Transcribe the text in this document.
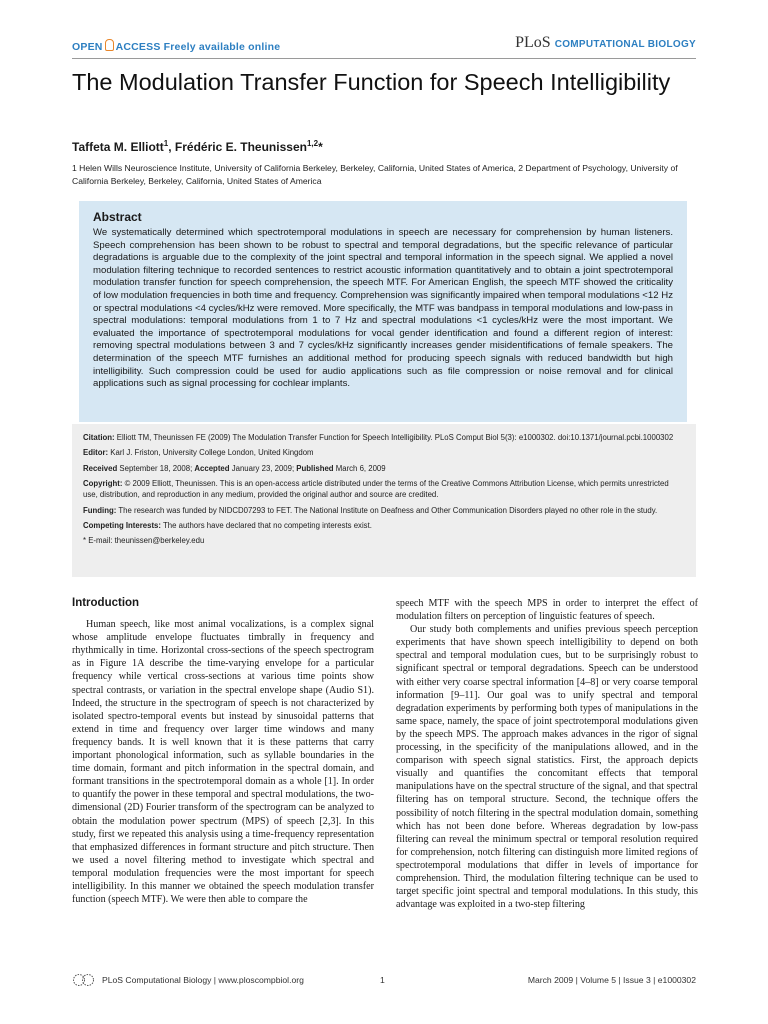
OPEN ACCESS Freely available online	PLoS COMPUTATIONAL BIOLOGY
The Modulation Transfer Function for Speech Intelligibility
Taffeta M. Elliott$^1$, Frédéric E. Theunissen$^{1,2}$*
1 Helen Wills Neuroscience Institute, University of California Berkeley, Berkeley, California, United States of America, 2 Department of Psychology, University of California Berkeley, Berkeley, California, United States of America
Abstract
We systematically determined which spectrotemporal modulations in speech are necessary for comprehension by human listeners. Speech comprehension has been shown to be robust to spectral and temporal degradations, but the specific relevance of particular degradations is arguable due to the complexity of the joint spectral and temporal information in the speech signal. We applied a novel modulation filtering technique to recorded sentences to restrict acoustic information quantitatively and to obtain a joint spectrotemporal modulation transfer function for speech comprehension, the speech MTF. For American English, the speech MTF showed the criticality of low modulation frequencies in both time and frequency. Comprehension was significantly impaired when temporal modulations <12 Hz or spectral modulations <4 cycles/kHz were removed. More specifically, the MTF was bandpass in temporal modulations and low-pass in spectral modulations: temporal modulations from 1 to 7 Hz and spectral modulations <1 cycles/kHz were the most important. We evaluated the importance of spectrotemporal modulations for vocal gender identification and found a different region of interest: removing spectral modulations between 3 and 7 cycles/kHz significantly increases gender misidentifications of female speakers. The determination of the speech MTF furnishes an additional method for producing speech signals with reduced bandwidth but high intelligibility. Such compression could be used for audio applications such as file compression or noise removal and for clinical applications such as signal processing for cochlear implants.

Citation: Elliott TM, Theunissen FE (2009) The Modulation Transfer Function for Speech Intelligibility. PLoS Comput Biol 5(3): e1000302. doi:10.1371/journal.pcbi.1000302

Editor: Karl J. Friston, University College London, United Kingdom

Received September 18, 2008; Accepted January 23, 2009; Published March 6, 2009

Copyright: © 2009 Elliott, Theunissen. This is an open-access article distributed under the terms of the Creative Commons Attribution License, which permits unrestricted use, distribution, and reproduction in any medium, provided the original author and source are credited.

Funding: The research was funded by NIDCD07293 to FET. The National Institute on Deafness and Other Communication Disorders played no other role in the study.

Competing Interests: The authors have declared that no competing interests exist.

* E-mail: theunissen@berkeley.edu

Introduction

Human speech, like most animal vocalizations, is a complex signal whose amplitude envelope fluctuates timbrally in frequency and rhythmically in time. Horizontal cross-sections of the speech spectrogram as in Figure 1A describe the time-varying envelope for a particular frequency while vertical cross-sections at various time points show spectral contrasts, or variation in the spectral envelope shape (Audio S1). Indeed, the structure in the spectrogram of speech is not characterized by isolated spectro-temporal events but instead by sinusoidal patterns that extend in time and frequency over larger time windows and many frequency bands. It is well known that it is these patterns that carry important phonological information, such as syllable boundaries in the time domain, formant and pitch information in the spectral domain, and formant transitions in the spectrotemporal domain as a whole [1]. In order to quantify the power in these temporal and spectral modulations, the two-dimensional (2D) Fourier transform of the spectrogram can be analyzed to obtain the modulation power spectrum (MPS) of speech [2,3]. In this study, first we repeated this analysis using a time-frequency representation that emphasized differences in formant structure and pitch structure. Then we used a novel filtering method to investigate which spectral and temporal modulation frequencies were the most important for speech intelligibility. In this manner we obtained the speech modulation transfer function (speech MTF). We were then able to compare the

speech MTF with the speech MPS in order to interpret the effect of modulation filters on perception of linguistic features of speech.

Our study both complements and unifies previous speech perception experiments that have shown speech intelligibility to depend on both spectral and temporal modulation cues, but to be surprisingly robust to significant spectral or temporal degradations. Speech can be understood with either very coarse spectral information [4–8] or very coarse temporal information [9–11]. Our goal was to unify spectral and temporal degradation experiments by performing both types of manipulations in the same space, namely, the space of joint spectrotemporal modulations given by the speech MPS. The approach makes advances in the rigor of signal processing, in the specificity of the manipulations allowed, and in the comparison with speech signal statistics. First, the approach depicts visually and quantifies the concomitant effects that temporal manipulations have on the spectral structure of the signal, and that spectral filtering has on temporal structure. Second, the technique offers the possibility of notch filtering in the spectral modulation domain, something which has not been done before. Whereas degradation by low-pass filtering can reveal the minimum spectral or temporal resolution required for comprehension, notch filtering can distinguish more limited regions of spectrotemporal modulations that differ in levels of importance for comprehension. Third, the modulation filtering technique can be used to target specific joint spectral and temporal modulations. In this study, this advantage was exploited in a two-step filtering

PLoS Computational Biology | www.ploscompbiol.org	1	March 2009 | Volume 5 | Issue 3 | e1000302
